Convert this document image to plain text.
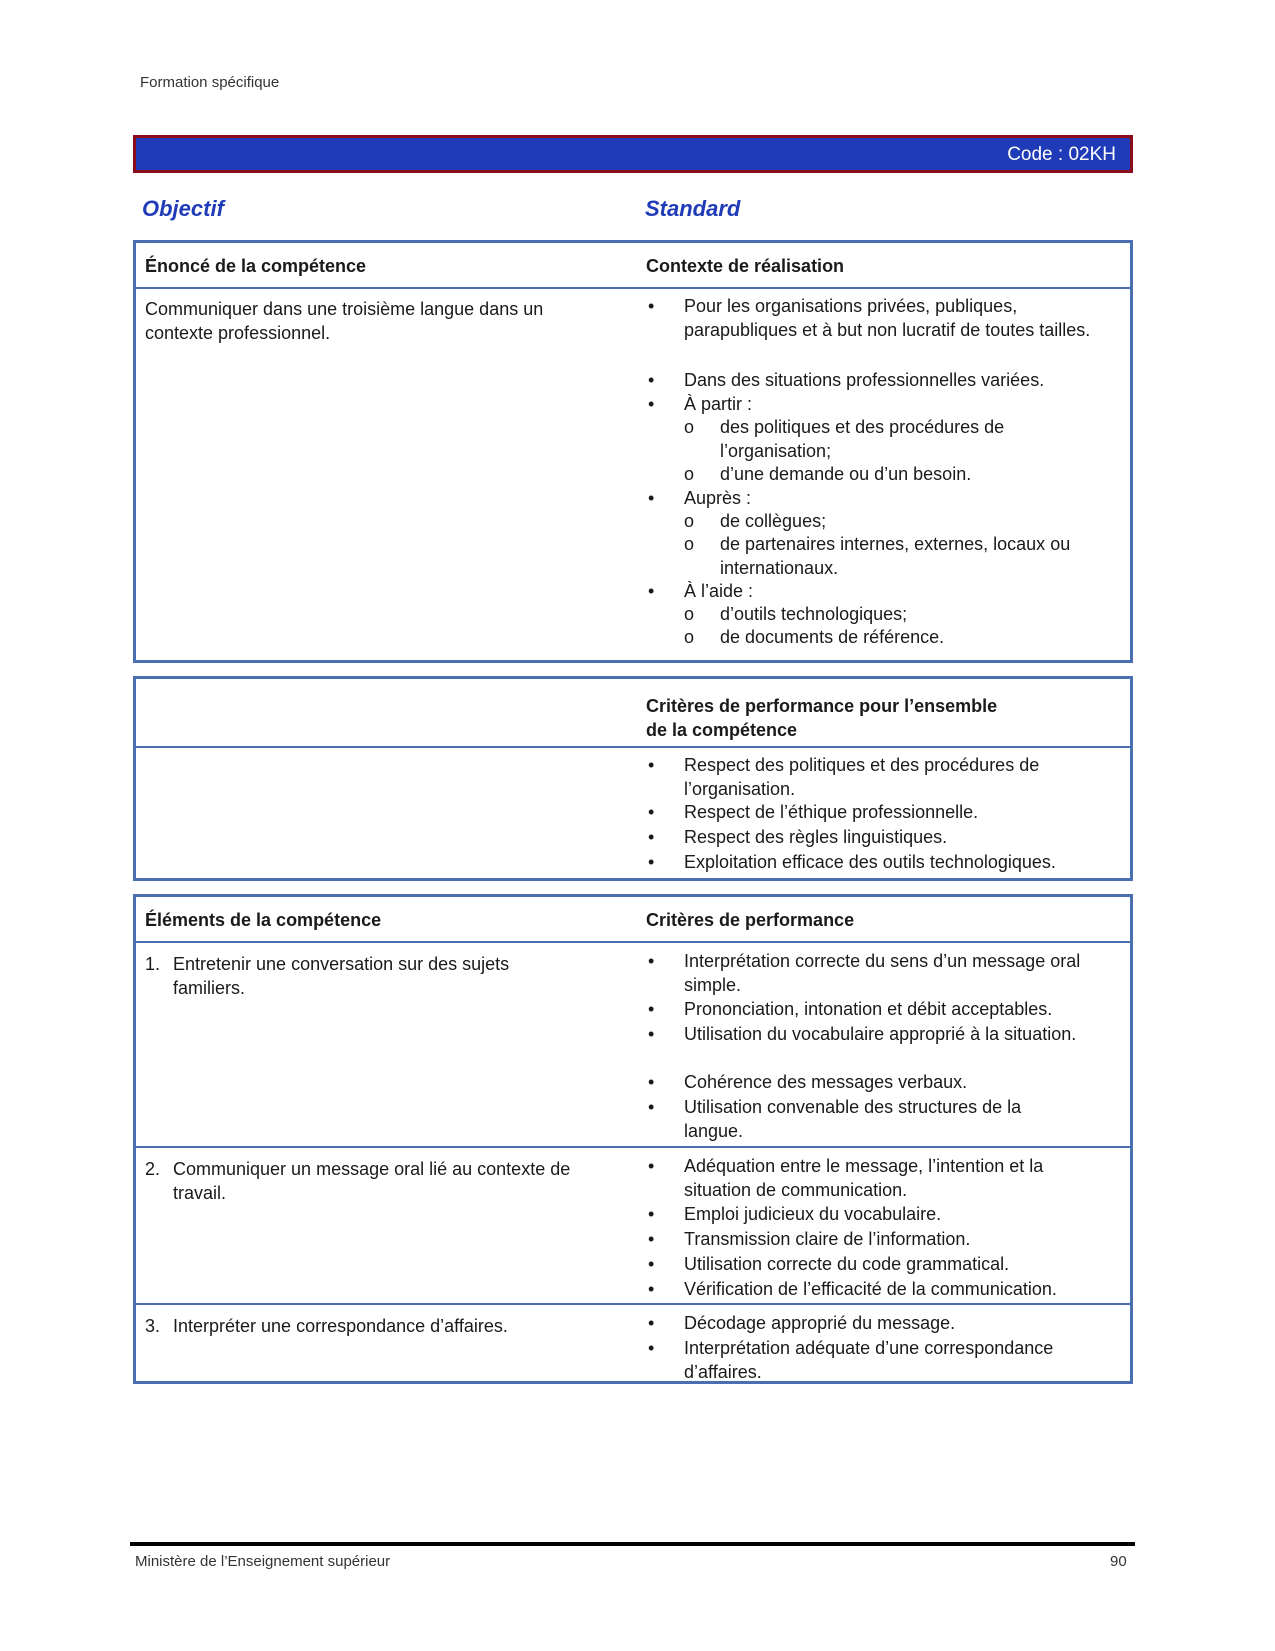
Formation spécifique
Code : 02KH
Objectif	Standard
Énoncé de la compétence	Contexte de réalisation
Communiquer dans une troisième langue dans un
contexte professionnel.
•	Pour les organisations privées, publiques, parapubliques et à but non lucratif de toutes tailles.
•	Dans des situations professionnelles variées.
•	À partir :
o des politiques et des procédures de l’organisation;
o d’une demande ou d’un besoin.
•	Auprès :
o de collègues;
o de partenaires internes, externes, locaux ou internationaux.
•	À l’aide :
o d’outils technologiques;
o de documents de référence.
Critères de performance pour l’ensemble
de la compétence
•	Respect des politiques et des procédures de l’organisation.
•	Respect de l’éthique professionnelle.
•	Respect des règles linguistiques.
•	Exploitation efficace des outils technologiques.
Éléments de la compétence	Critères de performance
1. Entretenir une conversation sur des sujets familiers.
•	Interprétation correcte du sens d’un message oral simple.
•	Prononciation, intonation et débit acceptables.
•	Utilisation du vocabulaire approprié à la situation.
•	Cohérence des messages verbaux.
•	Utilisation convenable des structures de la langue.
2. Communiquer un message oral lié au contexte de travail.
•	Adéquation entre le message, l’intention et la situation de communication.
•	Emploi judicieux du vocabulaire.
•	Transmission claire de l’information.
•	Utilisation correcte du code grammatical.
•	Vérification de l’efficacité de la communication.
3. Interpréter une correspondance d’affaires.	•	Décodage approprié du message.
•	Interprétation adéquate d’une correspondance d’affaires.
Ministère de l’Enseignement supérieur	90
